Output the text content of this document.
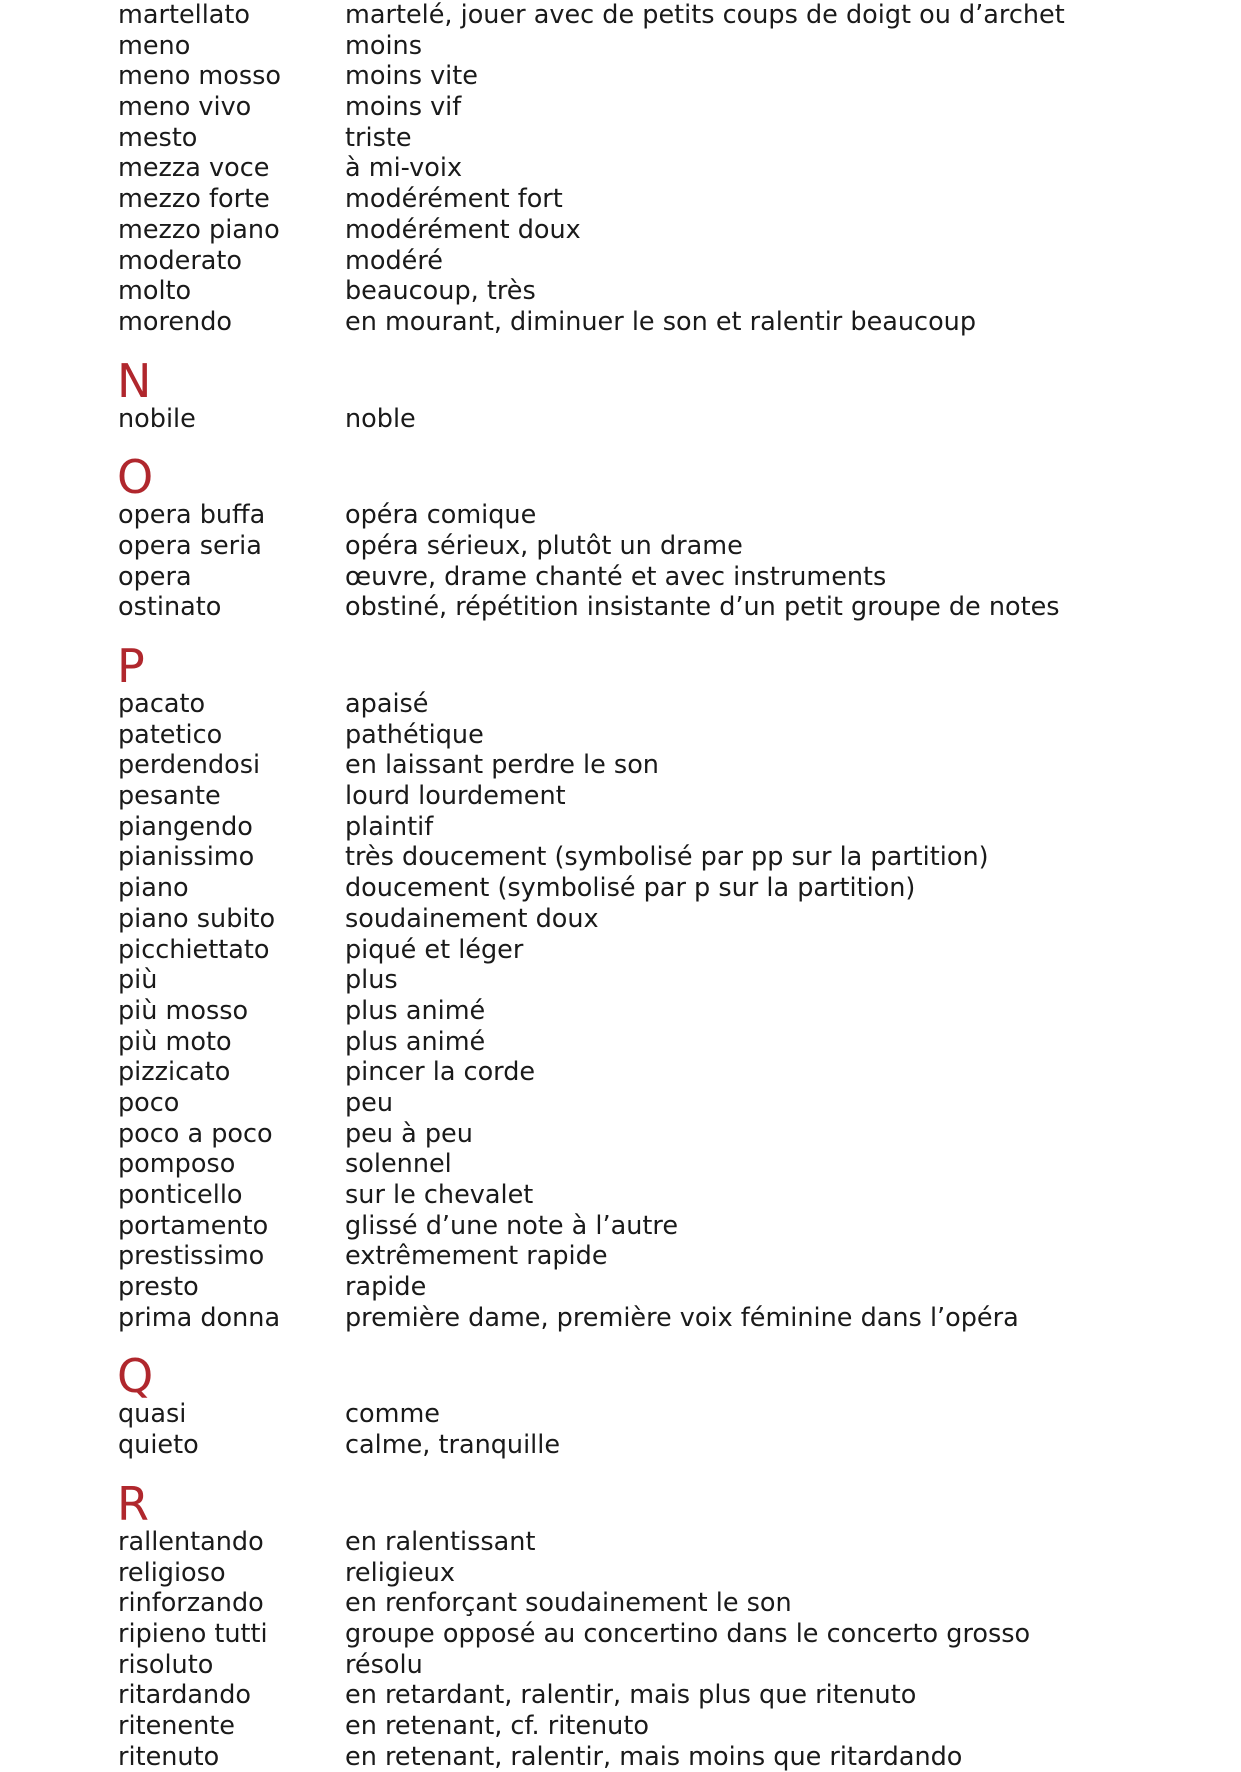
martellato	martelé, jouer avec de petits coups de doigt ou d’archet
meno	moins
meno mosso	moins vite
meno vivo	moins vif
mesto	triste
mezza voce	à mi-voix
mezzo forte	modérément fort
mezzo piano	modérément doux
moderato	modéré
molto	beaucoup, très
morendo	en mourant, diminuer le son et ralentir beaucoup
N
nobile	noble
O
opera buffa	opéra comique
opera seria	opéra sérieux, plutôt un drame
opera	œuvre, drame chanté et avec instruments
ostinato	obstiné, répétition insistante d’un petit groupe de notes
P
pacato	apaisé
patetico	pathétique
perdendosi	en laissant perdre le son
pesante	lourd lourdement
piangendo	plaintif
pianissimo	très doucement (symbolisé par pp sur la partition)
piano	doucement (symbolisé par p sur la partition)
piano subito	soudainement doux
picchiettato	piqué et léger
più	plus
più mosso	plus animé
più moto	plus animé
pizzicato	pincer la corde
poco	peu
poco a poco	peu à peu
pomposo	solennel
ponticello	sur le chevalet
portamento	glissé d’une note à l’autre
prestissimo	extrêmement rapide
presto	rapide
prima donna	première dame, première voix féminine dans l’opéra
Q
quasi	comme
quieto	calme, tranquille
R
rallentando	en ralentissant
religioso	religieux
rinforzando	en renforçant soudainement le son
ripieno tutti	groupe opposé au concertino dans le concerto grosso
risoluto	résolu
ritardando	en retardant, ralentir, mais plus que ritenuto
ritenente	en retenant, cf. ritenuto
ritenuto	en retenant, ralentir, mais moins que ritardando
